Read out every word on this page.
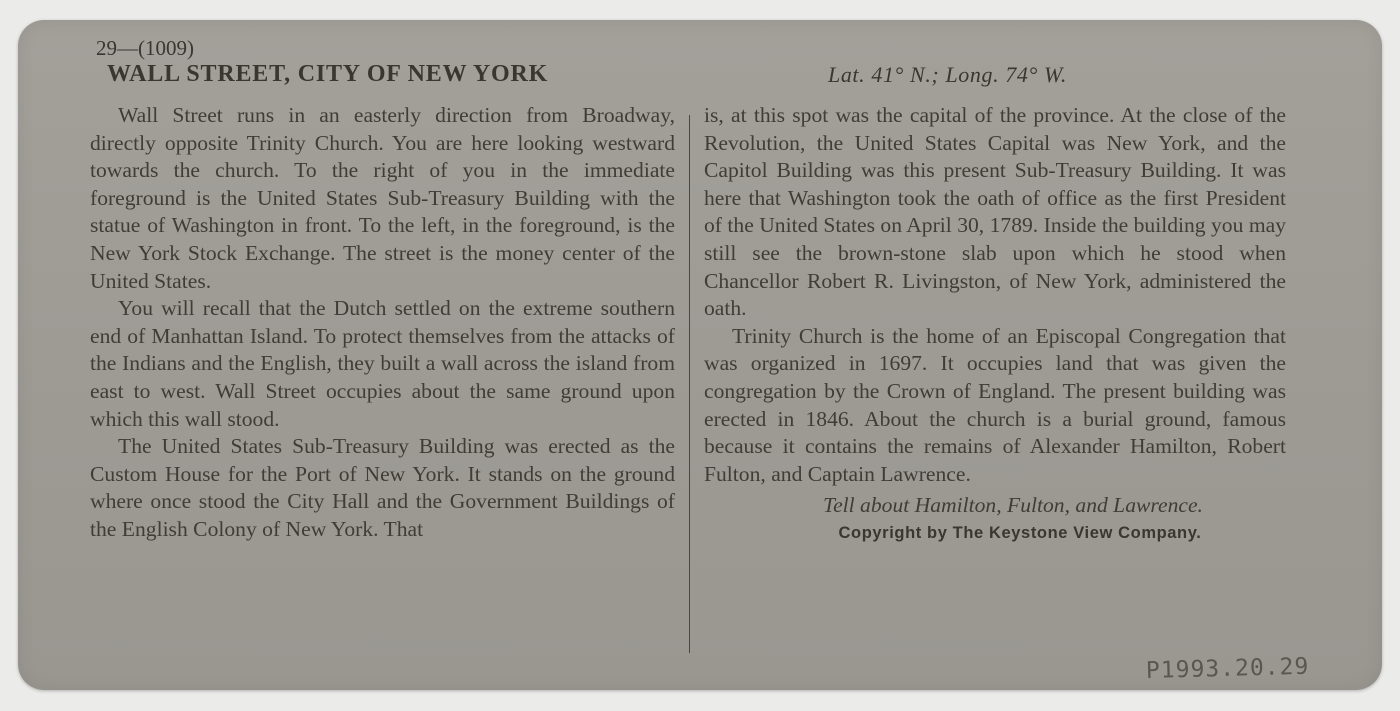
29—(1009)
WALL STREET, CITY OF NEW YORK	Lat. 41° N.; Long. 74° W.

Wall Street runs in an easterly direction from Broadway, directly opposite Trinity Church. You are here looking westward towards the church. To the right of you in the immediate foreground is the United States Sub-Treasury Building with the statue of Washington in front. To the left, in the foreground, is the New York Stock Exchange. The street is the money center of the United States.

You will recall that the Dutch settled on the extreme southern end of Manhattan Island. To protect themselves from the attacks of the Indians and the English, they built a wall across the island from east to west. Wall Street occupies about the same ground upon which this wall stood.

The United States Sub-Treasury Building was erected as the Custom House for the Port of New York. It stands on the ground where once stood the City Hall and the Government Buildings of the English Colony of New York. That

is, at this spot was the capital of the province. At the close of the Revolution, the United States Capital was New York, and the Capitol Building was this present Sub-Treasury Building. It was here that Washington took the oath of office as the first President of the United States on April 30, 1789. Inside the building you may still see the brown-stone slab upon which he stood when Chancellor Robert R. Livingston, of New York, administered the oath.

Trinity Church is the home of an Episcopal Congregation that was organized in 1697. It occupies land that was given the congregation by the Crown of England. The present building was erected in 1846. About the church is a burial ground, famous because it contains the remains of Alexander Hamilton, Robert Fulton, and Captain Lawrence.

Tell about Hamilton, Fulton, and Lawrence.

Copyright by The Keystone View Company.

P1993.20.29
